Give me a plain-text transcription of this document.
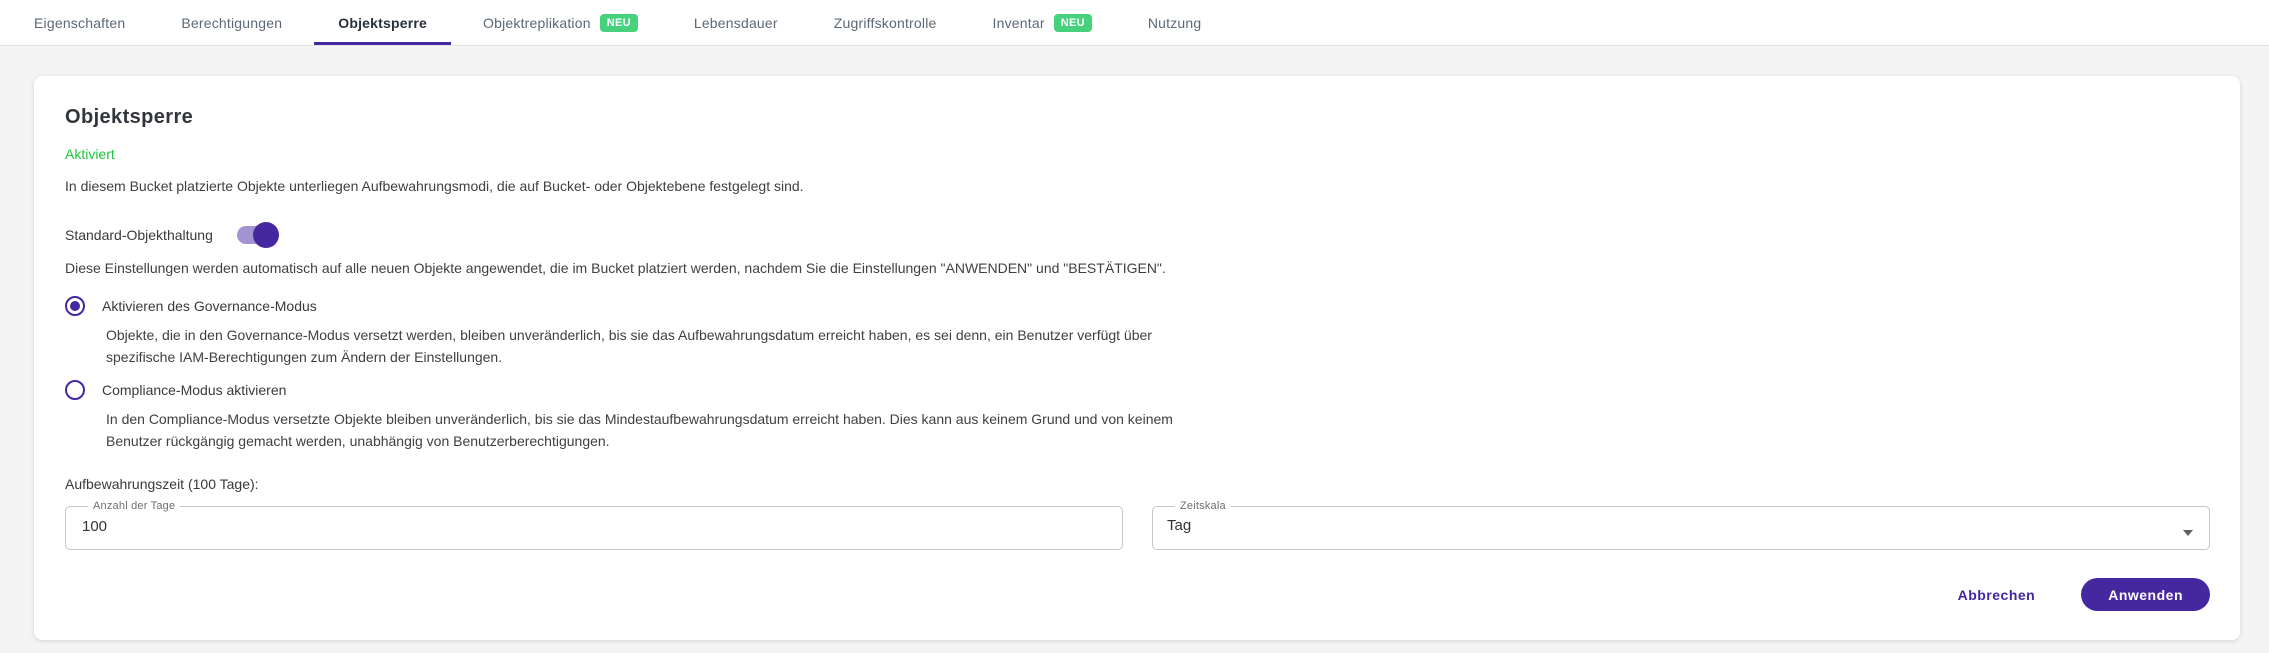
Eigenschaften	Berechtigungen	Objektsperre	Objektreplikation	NEU	Lebensdauer	Zugriffskontrolle	Inventar	NEU	Nutzung
Objektsperre
Aktiviert

In diesem Bucket platzierte Objekte unterliegen Aufbewahrungsmodi, die auf Bucket- oder Objektebene festgelegt sind.

Standard-Objekthaltung

Diese Einstellungen werden automatisch auf alle neuen Objekte angewendet, die im Bucket platziert werden, nachdem Sie die Einstellungen "ANWENDEN" und "BESTÄTIGEN".

Aktivieren des Governance-Modus

Objekte, die in den Governance-Modus versetzt werden, bleiben unveränderlich, bis sie das Aufbewahrungsdatum erreicht haben, es sei denn, ein Benutzer verfügt über spezifische IAM-Berechtigungen zum Ändern der Einstellungen.

Compliance-Modus aktivieren

In den Compliance-Modus versetzte Objekte bleiben unveränderlich, bis sie das Mindestaufbewahrungsdatum erreicht haben. Dies kann aus keinem Grund und von keinem Benutzer rückgängig gemacht werden, unabhängig von Benutzerberechtigungen.

Aufbewahrungszeit (100 Tage):
Anzahl der Tage
100	Zeitskala
Tag
Abbrechen	Anwenden
